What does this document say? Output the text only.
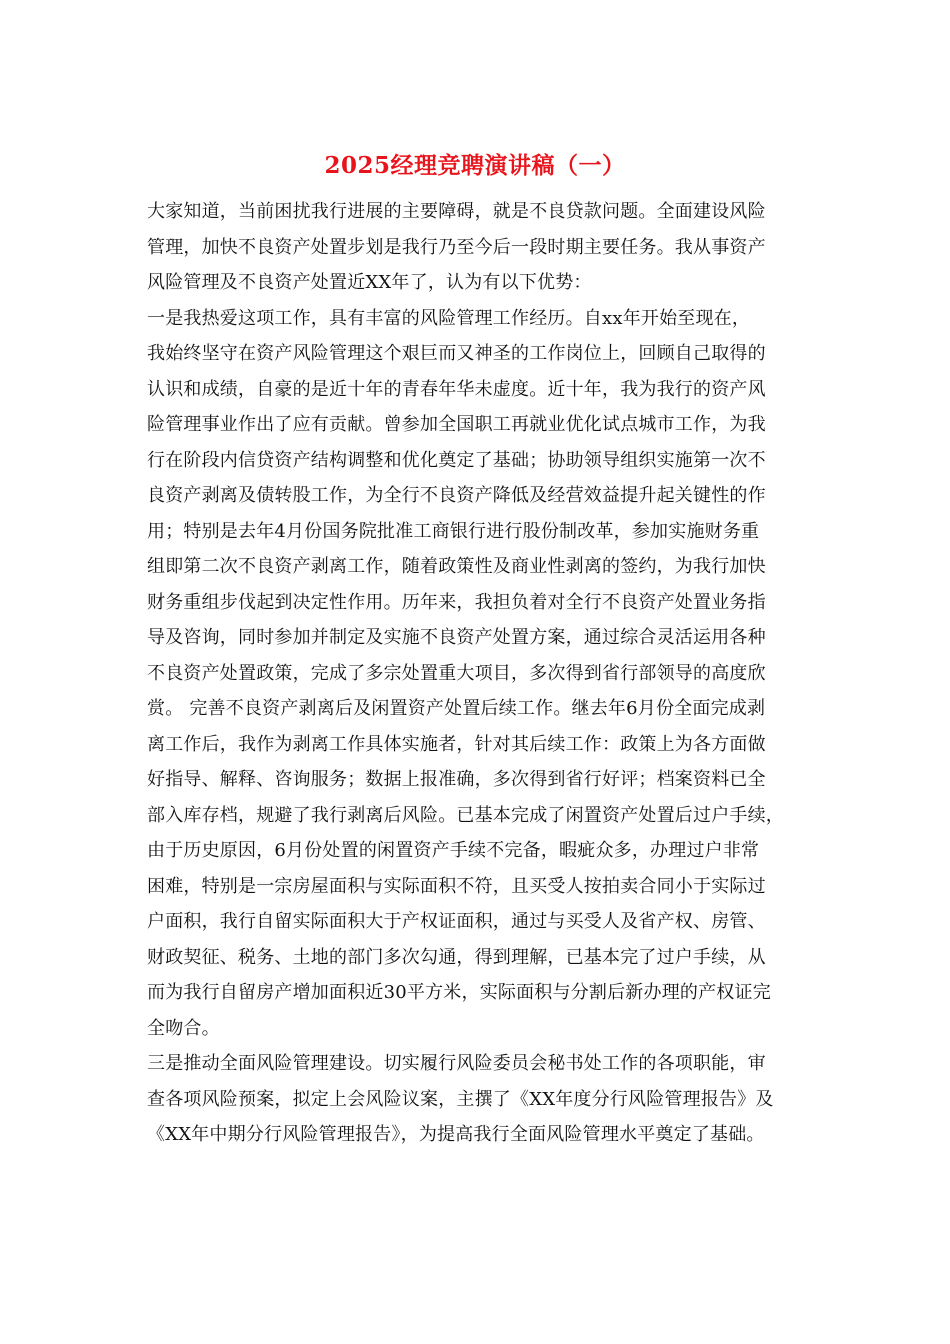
2025经理竞聘演讲稿（一）
大家知道，当前困扰我行进展的主要障碍，就是不良贷款问题。全面建设风险
管理，加快不良资产处置步划是我行乃至今后一段时期主要任务。我从事资产
风险管理及不良资产处置近XX年了，认为有以下优势：
一是我热爱这项工作，具有丰富的风险管理工作经历。自xx年开始至现在，
我始终坚守在资产风险管理这个艰巨而又神圣的工作岗位上，回顾自己取得的
认识和成绩，自豪的是近十年的青春年华未虚度。近十年，我为我行的资产风
险管理事业作出了应有贡献。曾参加全国职工再就业优化试点城市工作，为我
行在阶段内信贷资产结构调整和优化奠定了基础；协助领导组织实施第一次不
良资产剥离及债转股工作，为全行不良资产降低及经营效益提升起关键性的作
用；特别是去年4月份国务院批准工商银行进行股份制改革，参加实施财务重
组即第二次不良资产剥离工作，随着政策性及商业性剥离的签约，为我行加快
财务重组步伐起到决定性作用。历年来，我担负着对全行不良资产处置业务指
导及咨询，同时参加并制定及实施不良资产处置方案，通过综合灵活运用各种
不良资产处置政策，完成了多宗处置重大项目，多次得到省行部领导的高度欣
赏。 完善不良资产剥离后及闲置资产处置后续工作。继去年6月份全面完成剥
离工作后，我作为剥离工作具体实施者，针对其后续工作：政策上为各方面做
好指导、解释、咨询服务；数据上报准确，多次得到省行好评；档案资料已全
部入库存档，规避了我行剥离后风险。已基本完成了闲置资产处置后过户手续，
由于历史原因，6月份处置的闲置资产手续不完备，暇疵众多，办理过户非常
困难，特别是一宗房屋面积与实际面积不符，且买受人按拍卖合同小于实际过
户面积，我行自留实际面积大于产权证面积，通过与买受人及省产权、房管、
财政契征、税务、土地的部门多次勾通，得到理解，已基本完了过户手续，从
而为我行自留房产增加面积近30平方米，实际面积与分割后新办理的产权证完
全吻合。
三是推动全面风险管理建设。切实履行风险委员会秘书处工作的各项职能，审
查各项风险预案，拟定上会风险议案，主撰了《XX年度分行风险管理报告》及
《XX年中期分行风险管理报告》，为提高我行全面风险管理水平奠定了基础。
